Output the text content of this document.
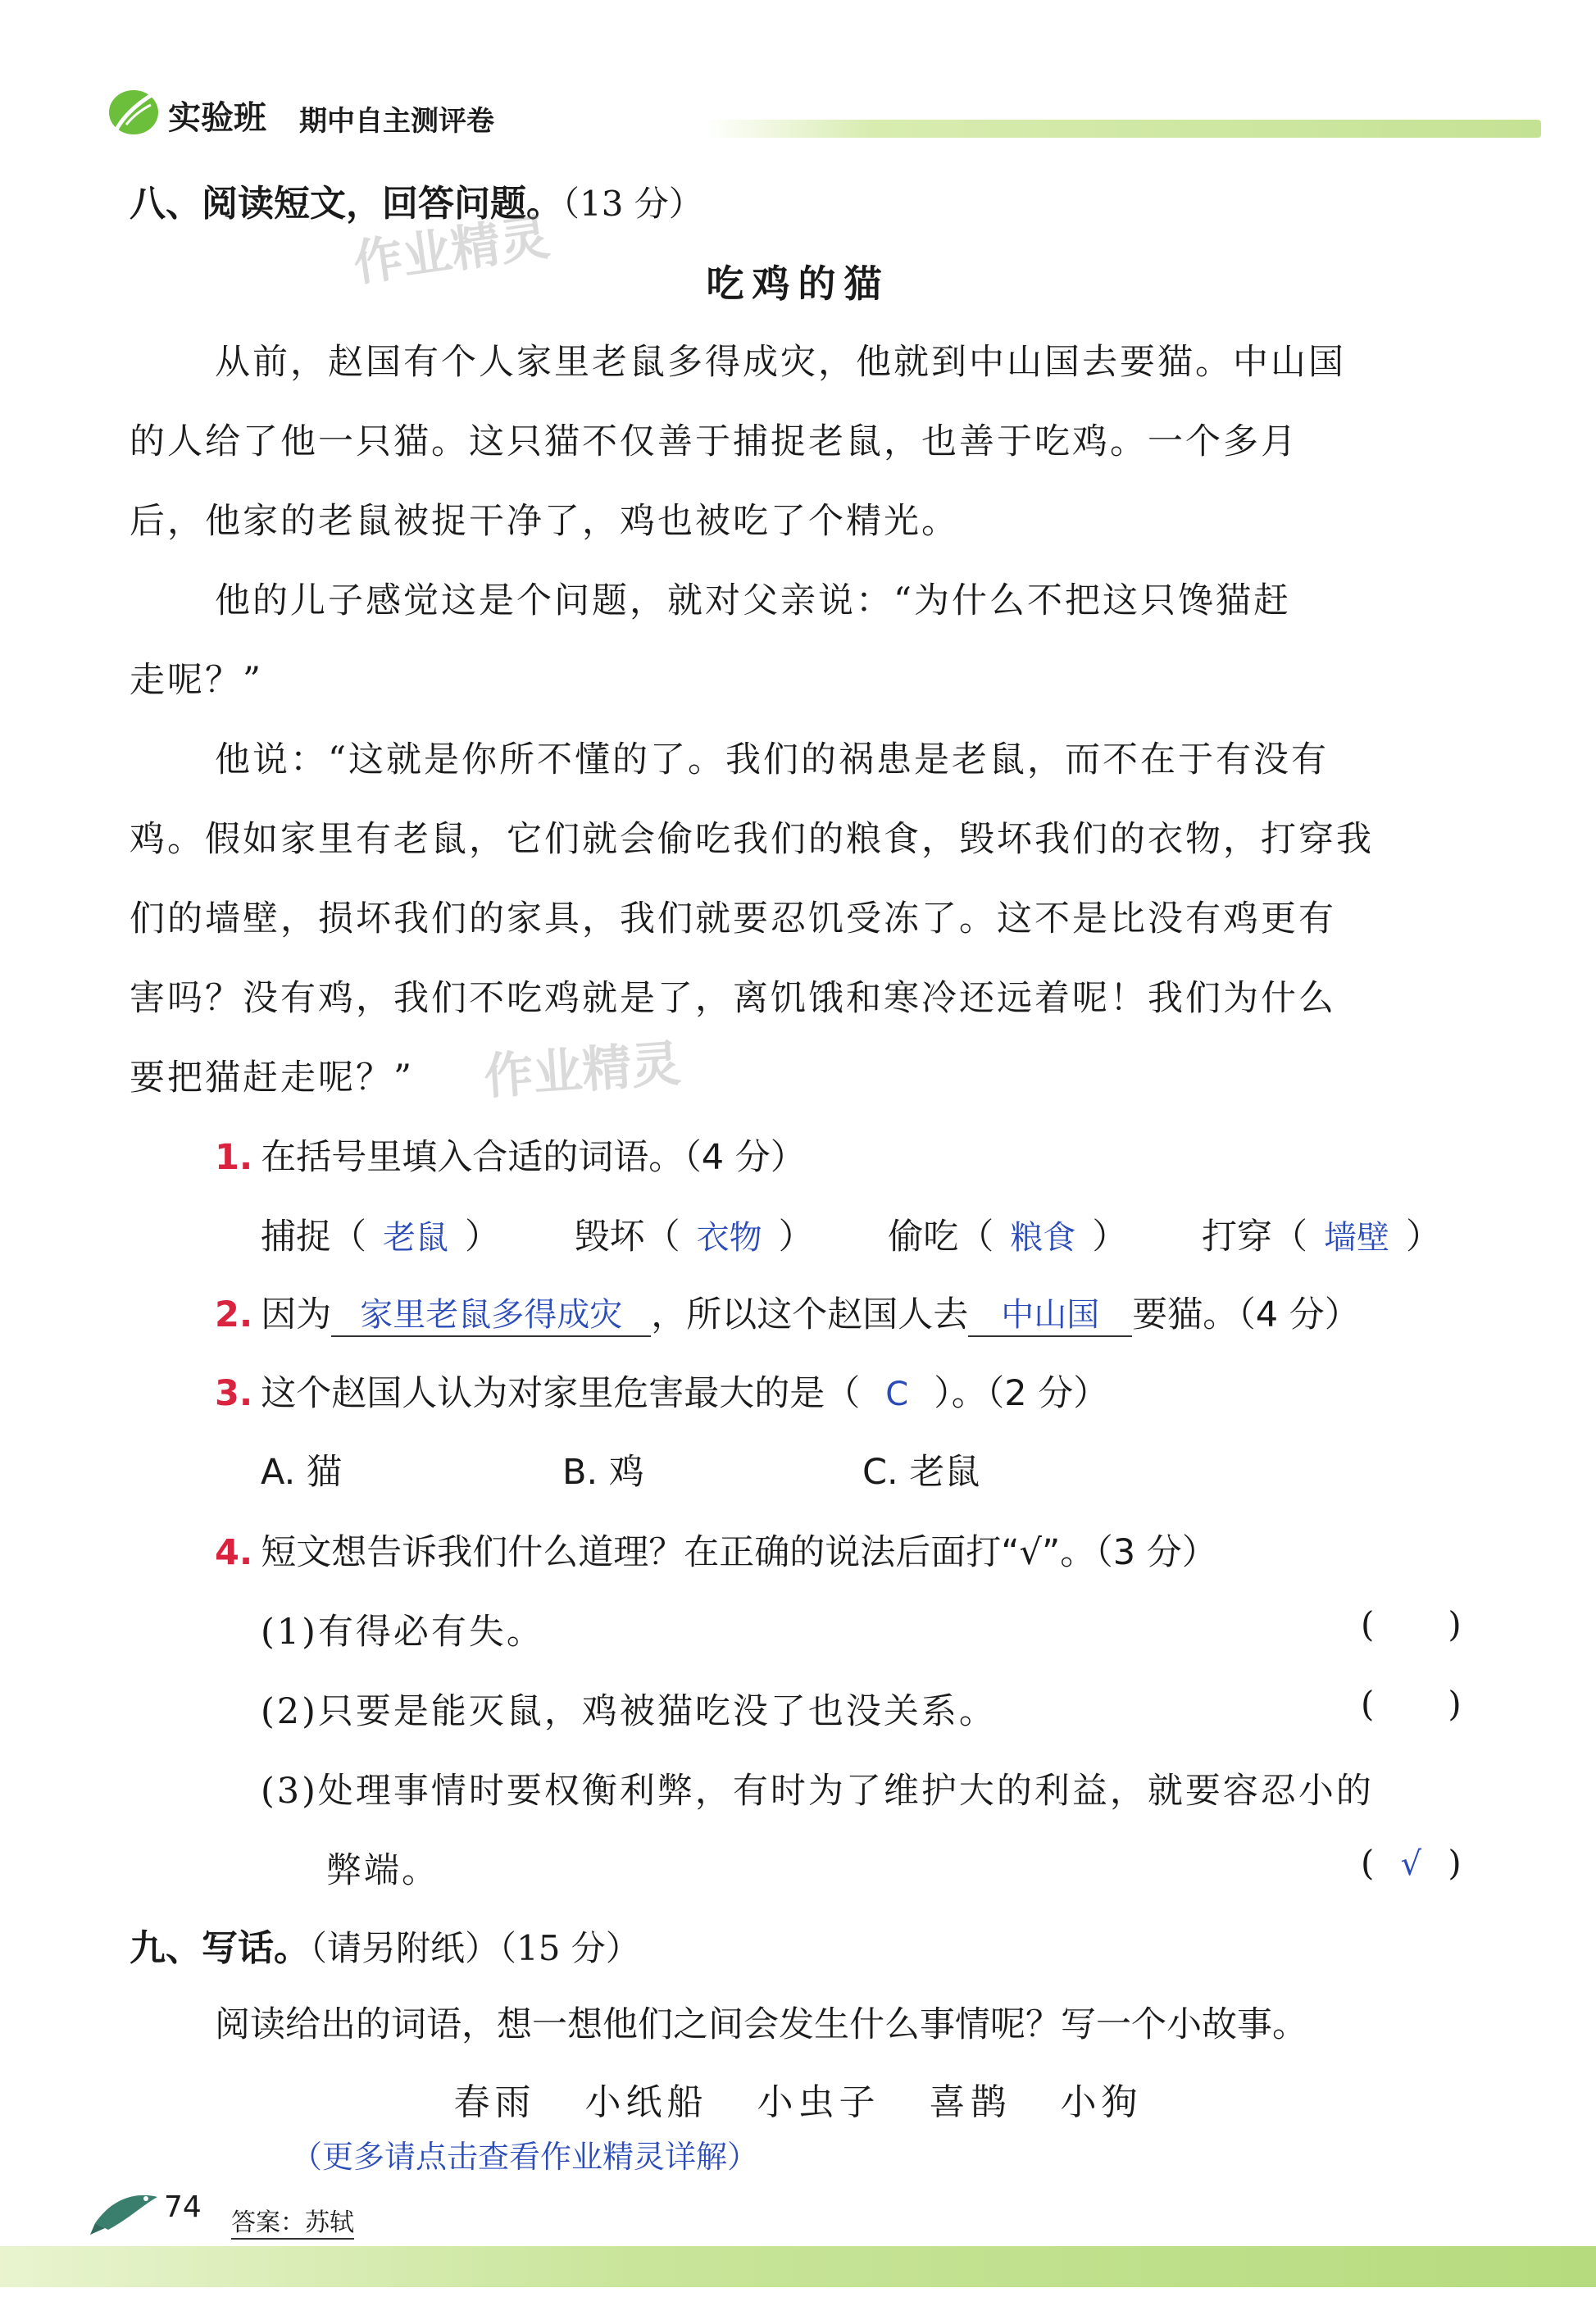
实验班 期中自主测评卷
八、阅读短文，回答问题。（13 分）
作业精灵	吃鸡的猫
从前，赵国有个人家里老鼠多得成灾，他就到中山国去要猫。中山国
的人给了他一只猫。这只猫不仅善于捕捉老鼠，也善于吃鸡。一个多月
后，他家的老鼠被捉干净了，鸡也被吃了个精光。
他的儿子感觉这是个问题，就对父亲说：“为什么不把这只馋猫赶
走呢？”
他说：“这就是你所不懂的了。我们的祸患是老鼠，而不在于有没有
鸡。假如家里有老鼠，它们就会偷吃我们的粮食，毁坏我们的衣物，打穿我
们的墙壁，损坏我们的家具，我们就要忍饥受冻了。这不是比没有鸡更有
害吗？没有鸡，我们不吃鸡就是了，离饥饿和寒冷还远着呢！我们为什么
要把猫赶走呢？” 作业精灵
1. 在括号里填入合适的词语。（4 分）
捕捉（ 老鼠 ） 毁坏（ 衣物 ） 偷吃（ 粮食 ） 打穿（ 墙壁 ）
2. 因为 家里老鼠多得成灾 ，所以这个赵国人去 中山国 要猫。（4 分）
3. 这个赵国人认为对家里危害最大的是（ C ）。（2 分）
A. 猫	B. 鸡	C. 老鼠
4. 短文想告诉我们什么道理？在正确的说法后面打“√”。（3 分）
(1)有得必有失。	( )
(2)只要是能灭鼠，鸡被猫吃没了也没关系。	( )
(3)处理事情时要权衡利弊，有时为了维护大的利益，就要容忍小的
弊端。	( √ )
九、写话。（请另附纸）（15 分）
阅读给出的词语，想一想他们之间会发生什么事情呢？写一个小故事。
春雨 小纸船 小虫子 喜鹊 小狗
（更多请点击查看作业精灵详解）
74 答案：苏轼
